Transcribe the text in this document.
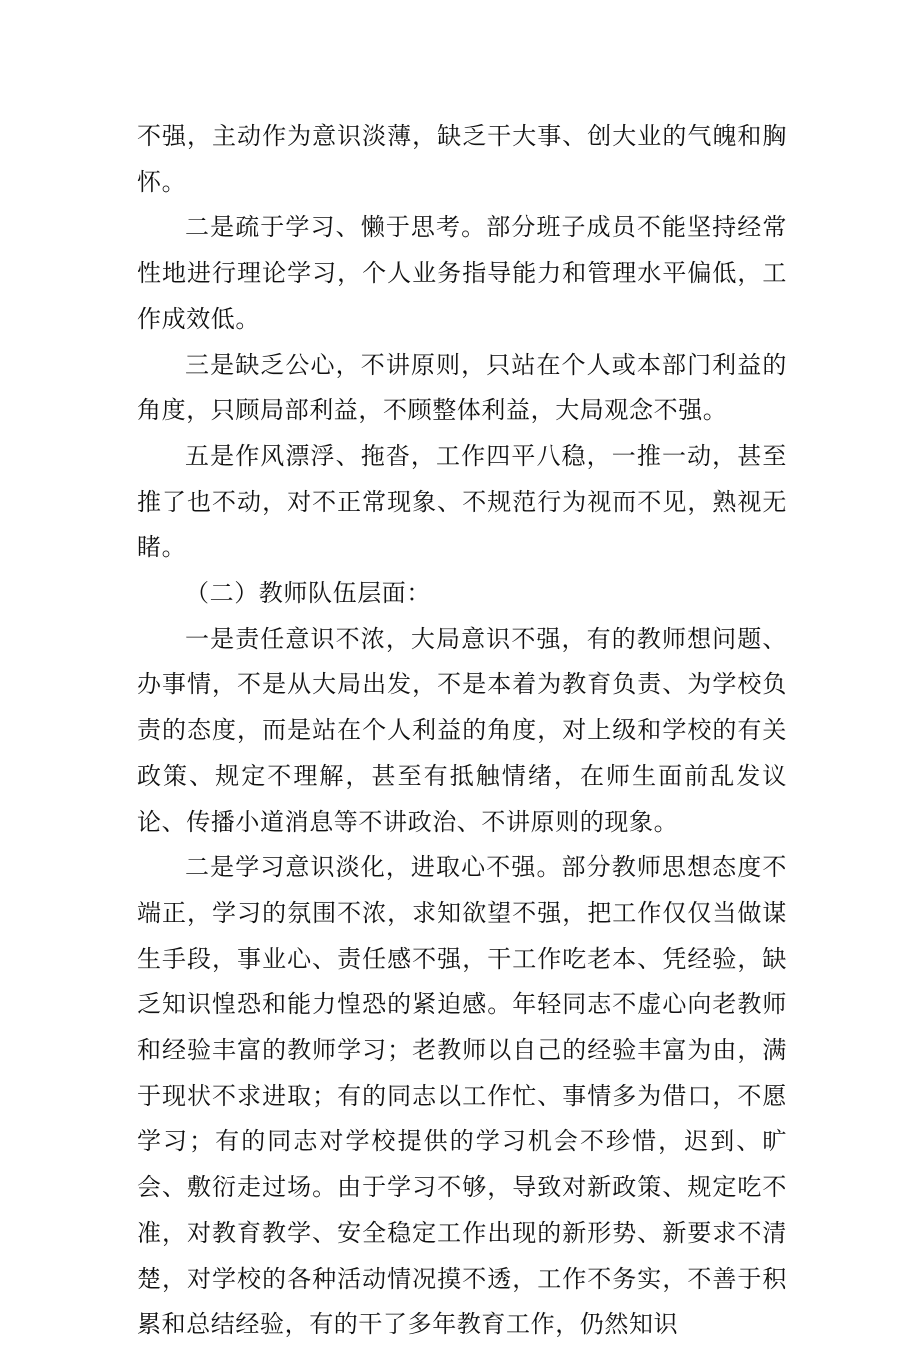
不强，主动作为意识淡薄，缺乏干大事、创大业的气魄和胸怀。

二是疏于学习、懒于思考。部分班子成员不能坚持经常性地进行理论学习，个人业务指导能力和管理水平偏低，工作成效低。

三是缺乏公心，不讲原则，只站在个人或本部门利益的角度，只顾局部利益，不顾整体利益，大局观念不强。

五是作风漂浮、拖沓，工作四平八稳，一推一动，甚至推了也不动，对不正常现象、不规范行为视而不见，熟视无睹。

（二）教师队伍层面：

一是责任意识不浓，大局意识不强，有的教师想问题、办事情，不是从大局出发，不是本着为教育负责、为学校负责的态度，而是站在个人利益的角度，对上级和学校的有关政策、规定不理解，甚至有抵触情绪，在师生面前乱发议论、传播小道消息等不讲政治、不讲原则的现象。

二是学习意识淡化，进取心不强。部分教师思想态度不端正，学习的氛围不浓，求知欲望不强，把工作仅仅当做谋生手段，事业心、责任感不强，干工作吃老本、凭经验，缺乏知识惶恐和能力惶恐的紧迫感。年轻同志不虚心向老教师和经验丰富的教师学习；老教师以自己的经验丰富为由，满于现状不求进取；有的同志以工作忙、事情多为借口，不愿学习；有的同志对学校提供的学习机会不珍惜，迟到、旷会、敷衍走过场。由于学习不够，导致对新政策、规定吃不准，对教育教学、安全稳定工作出现的新形势、新要求不清楚，对学校的各种活动情况摸不透，工作不务实，不善于积累和总结经验，有的干了多年教育工作，仍然知识
